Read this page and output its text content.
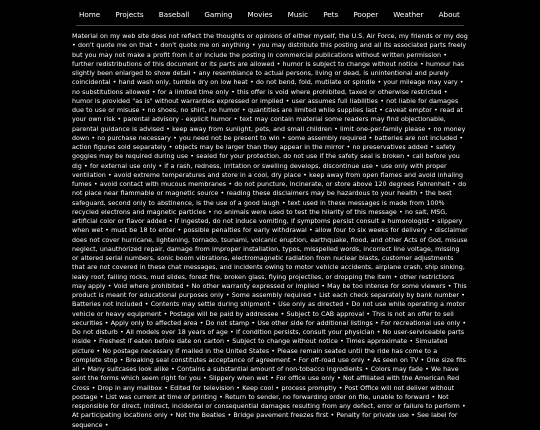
Home Projects Baseball Gaming Movies Music Pets Pooper Weather About

Material on my web site does not reflect the thoughts or opinions of either myself, the U.S. Air Force, my friends or my dog • don't quote me on that • don't quote me on anything • you may distribute this posting and all its associated parts freely but you may not make a profit from it or include the posting in commercial publications without written permission • further redistributions of this document or its parts are allowed • humor is subject to change without notice • humour has slightly been enlarged to show detail • any resemblance to actual persons, living or dead, is unintentional and purely coincidental • hand wash only, tumble dry on low heat • do not bend, fold, mutilate or spindle • your mileage may vary • no substitutions allowed • for a limited time only • this offer is void where prohibited, taxed or otherwise restricted • humor is provided "as is" without warranties expressed or implied • user assumes full liabilities • not liable for damages due to use or misuse • no shoes, no shirt, no humor • quantities are limited while supplies last • caveat emptor • read at your own risk • parental advisory - explicit humor • text may contain material some readers may find objectionable, parental guidance is advised • keep away from sunlight, pets, and small children • limit one-per-family please • no money down • no purchase necessary • you need not be present to win • some assembly required • batteries are not included • action figures sold separately • objects may be larger than they appear in the mirror • no preservatives added • safety goggles may be required during use • sealed for your protection, do not use if the safety seal is broken • call before you dig • for external use only • if a rash, redness, irritation or swelling develops, discontinue use • use only with proper ventilation • avoid extreme temperatures and store in a cool, dry place • keep away from open flames and avoid inhaling fumes • avoid contact with mucous membranes • do not puncture, incinerate, or store above 120 degrees Fahrenheit • do not place near flammable or magnetic source • reading these disclaimers may be hazardous to your health • the best safeguard, second only to abstinence, is the use of a good laugh • text used in these messages is made from 100% recycled electrons and magnetic particles • no animals were used to test the hilarity of this message • no salt, MSG, artificial color or flavor added • if ingested, do not induce vomiting, if symptoms persist consult a humorologist • slippery when wet • must be 18 to enter • possible penalties for early withdrawal • allow four to six weeks for delivery • disclaimer does not cover hurricane, lightening, tornado, tsunami, volcanic eruption, earthquake, flood, and other Acts of God, misuse neglect, unauthorized repair, damage from improper installation, typos, misspelled words, incorrect line voltage, missing or altered serial numbers, sonic boom vibrations, electromagnetic radiation from nuclear blasts, customer adjustments that are not covered in these chat messages, and incidents owing to motor vehicle accidents, airplane crash, ship sinking, leaky roof, falling rocks, mud slides, forest fire, broken glass, flying projectiles, or dropping the item • other restrictions may apply • Void where prohibited • No other warranty expressed or implied • May be too intense for some viewers • This product is meant for educational purposes only • Some assembly required • List each check separately by bank number • Batteries not included • Contents may settle during shipment • Use only as directed • Do not use while operating a motor vehicle or heavy equipment • Postage will be paid by addressee • Subject to CAB approval • This is not an offer to sell securities • Apply only to affected area • Do not stamp • Use other side for additional listings • For recreational use only • Do not disturb • All models over 18 years of age • If condition persists, consult your physician • No user-serviceable parts inside • Freshest if eaten before date on carton • Subject to change without notice • Times approximate • Simulated picture • No postage necessary if mailed in the United States • Please remain seated until the ride has come to a complete stop • Breaking seal constitutes acceptance of agreement • For off-road use only • As seen on TV • One size fits all • Many suitcases look alike • Contains a substantial amount of non-tobacco ingredients • Colors may fade • We have sent the forms which seem right for you • Slippery when wet • For office use only • Not affiliated with the American Red Cross • Drop in any mailbox • Edited for television • Keep cool • process promptly • Post Office will not deliver without postage • List was current at time of printing • Return to sender, no forwarding order on file, unable to forward • Not responsible for direct, indirect, incidental or consequential damages resulting from any defect, error or failure to perform • At participating locations only • Not the Beatles • Bridge pavement freezes first • Penalty for private use • See label for sequence •
